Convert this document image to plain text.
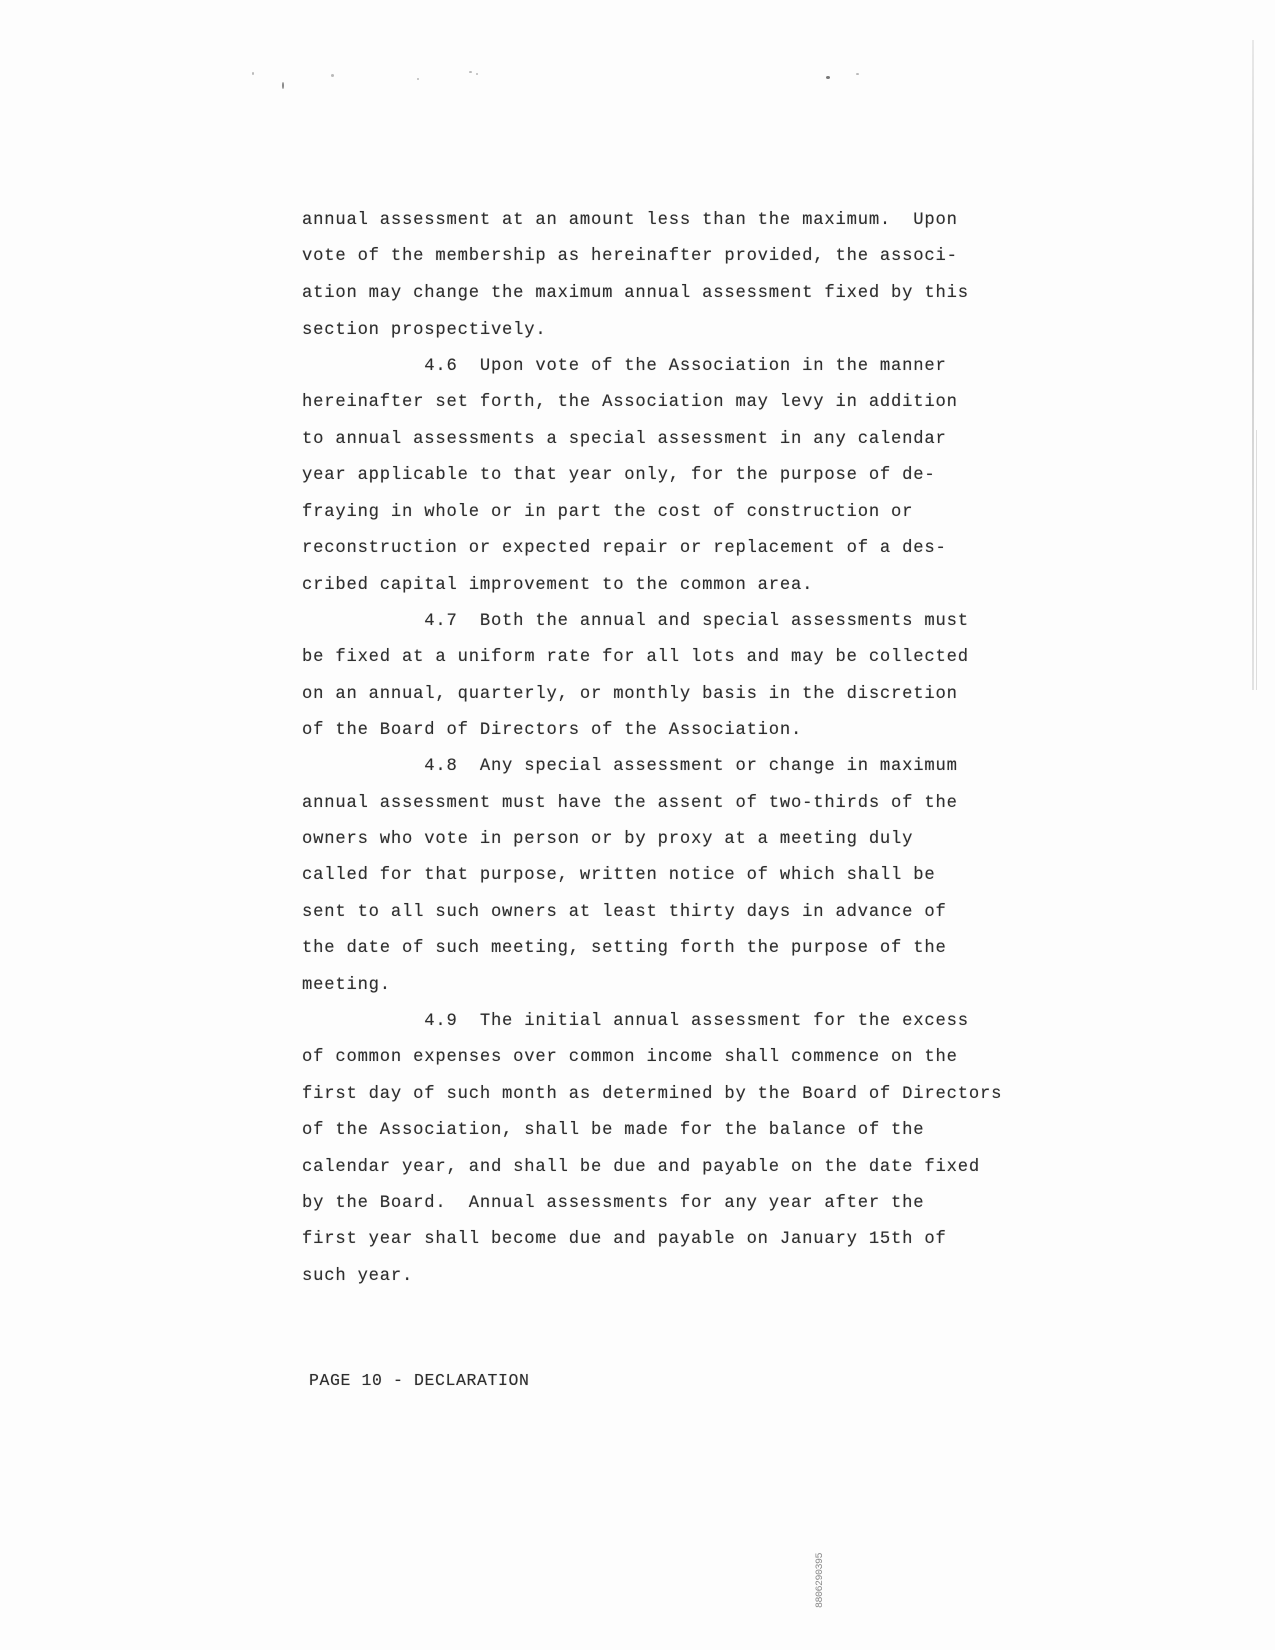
annual assessment at an amount less than the maximum.  Upon
vote of the membership as hereinafter provided, the associ-
ation may change the maximum annual assessment fixed by this
section prospectively.
4.6  Upon vote of the Association in the manner
hereinafter set forth, the Association may levy in addition
to annual assessments a special assessment in any calendar
year applicable to that year only, for the purpose of de-
fraying in whole or in part the cost of construction or
reconstruction or expected repair or replacement of a des-
cribed capital improvement to the common area.
4.7  Both the annual and special assessments must
be fixed at a uniform rate for all lots and may be collected
on an annual, quarterly, or monthly basis in the discretion
of the Board of Directors of the Association.
4.8  Any special assessment or change in maximum
annual assessment must have the assent of two-thirds of the
owners who vote in person or by proxy at a meeting duly
called for that purpose, written notice of which shall be
sent to all such owners at least thirty days in advance of
the date of such meeting, setting forth the purpose of the
meeting.
4.9  The initial annual assessment for the excess
of common expenses over common income shall commence on the
first day of such month as determined by the Board of Directors
of the Association, shall be made for the balance of the
calendar year, and shall be due and payable on the date fixed
by the Board.  Annual assessments for any year after the
first year shall become due and payable on January 15th of
such year.
PAGE 10 - DECLARATION
8806290395
